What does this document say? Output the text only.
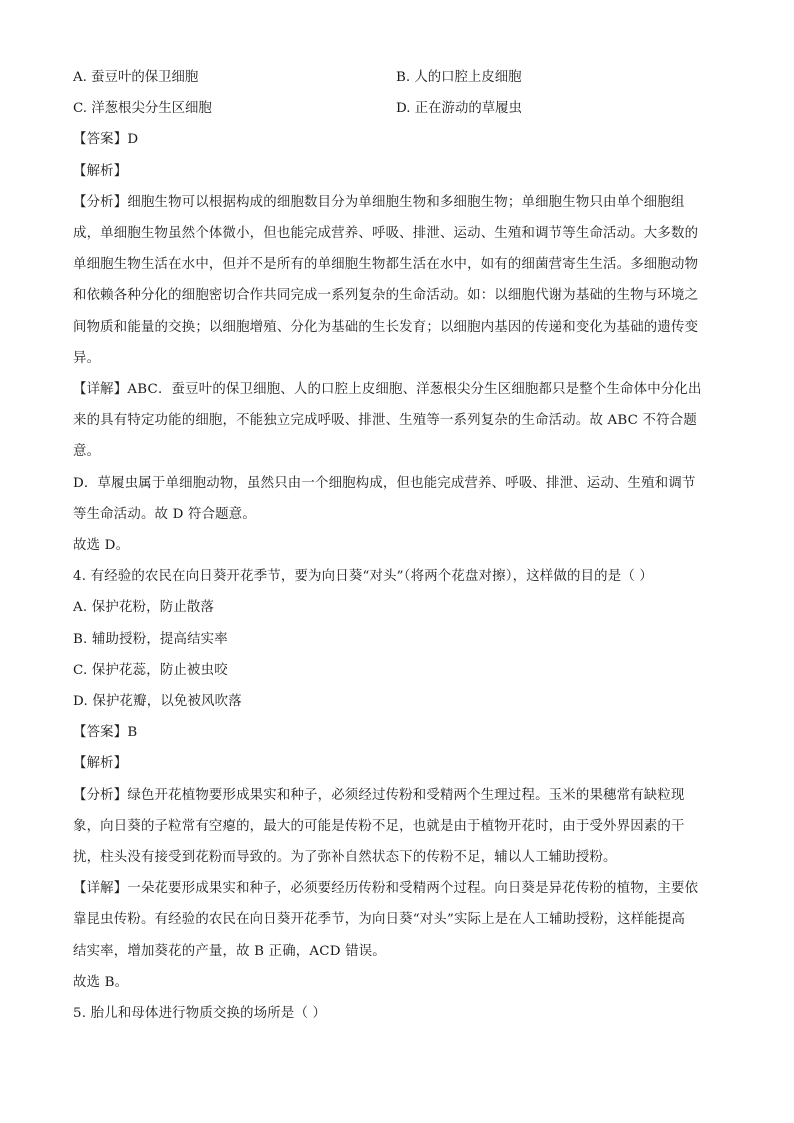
A. 蚕豆叶的保卫细胞	B. 人的口腔上皮细胞
C. 洋葱根尖分生区细胞	D. 正在游动的草履虫
【答案】D
【解析】
【分析】细胞生物可以根据构成的细胞数目分为单细胞生物和多细胞生物；单细胞生物只由单个细胞组
成，单细胞生物虽然个体微小，但也能完成营养、呼吸、排泄、运动、生殖和调节等生命活动。大多数的
单细胞生物生活在水中，但并不是所有的单细胞生物都生活在水中，如有的细菌营寄生生活。多细胞动物
和依赖各种分化的细胞密切合作共同完成一系列复杂的生命活动。如：以细胞代谢为基础的生物与环境之
间物质和能量的交换；以细胞增殖、分化为基础的生长发育；以细胞内基因的传递和变化为基础的遗传变
异。
【详解】ABC．蚕豆叶的保卫细胞、人的口腔上皮细胞、洋葱根尖分生区细胞都只是整个生命体中分化出
来的具有特定功能的细胞，不能独立完成呼吸、排泄、生殖等一系列复杂的生命活动。故 ABC 不符合题
意。
D．草履虫属于单细胞动物，虽然只由一个细胞构成，但也能完成营养、呼吸、排泄、运动、生殖和调节
等生命活动。故 D 符合题意。
故选 D。
4. 有经验的农民在向日葵开花季节，要为向日葵“对头”（将两个花盘对擦），这样做的目的是（ ）
A. 保护花粉，防止散落
B. 辅助授粉，提高结实率
C. 保护花蕊，防止被虫咬
D. 保护花瓣，以免被风吹落
【答案】B
【解析】
【分析】绿色开花植物要形成果实和种子，必须经过传粉和受精两个生理过程。玉米的果穗常有缺粒现
象，向日葵的子粒常有空瘪的，最大的可能是传粉不足，也就是由于植物开花时，由于受外界因素的干
扰，柱头没有接受到花粉而导致的。为了弥补自然状态下的传粉不足，辅以人工辅助授粉。
【详解】一朵花要形成果实和种子，必须要经历传粉和受精两个过程。向日葵是异花传粉的植物，主要依
靠昆虫传粉。有经验的农民在向日葵开花季节，为向日葵“对头”实际上是在人工辅助授粉，这样能提高
结实率，增加葵花的产量，故 B 正确，ACD 错误。
故选 B。
5. 胎儿和母体进行物质交换的场所是（ ）
